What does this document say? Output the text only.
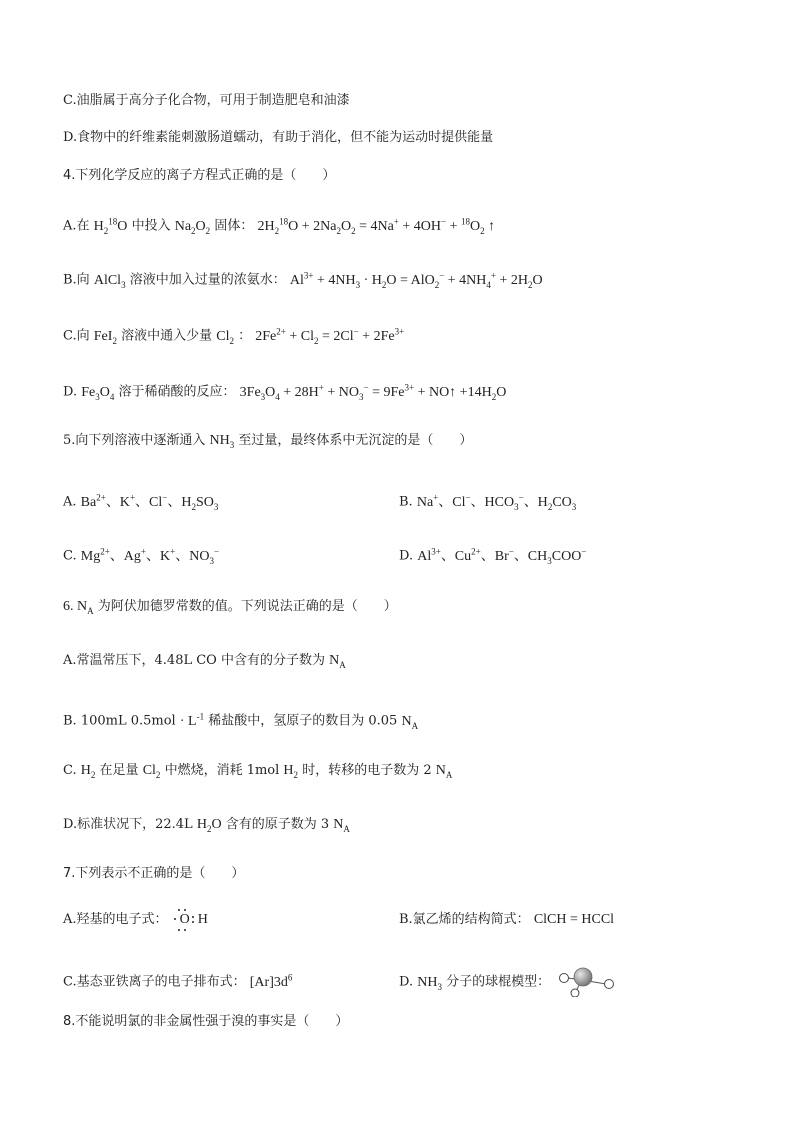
C.油脂属于高分子化合物，可用于制造肥皂和油漆
D.食物中的纤维素能刺激肠道蠕动，有助于消化，但不能为运动时提供能量
4.下列化学反应的离子方程式正确的是（　　）
A.在 $H_2^{18}O$ 中投入 $Na_2O_2$ 固体： $2H_2^{18}O + 2Na_2O_2 = 4Na^+ + 4OH^- + ^{18}O_2$ ↑
B.向 AlCl$_3$ 溶液中加入过量的浓氨水： $Al^{3+} + 4NH_3 \cdot H_2O = AlO_2^- + 4NH_4^+ + 2H_2O$
C.向 FeI$_2$ 溶液中通入少量 $Cl_2$ ： $2Fe^{2+} + Cl_2 = 2Cl^- + 2Fe^{3+}$
D. $Fe_3O_4$ 溶于稀硝酸的反应： $3Fe_3O_4 + 28H^+ + NO_3^- = 9Fe^{3+}$ + NO↑ $+14H_2O$
5.向下列溶液中逐渐通入 $NH_3$ 至过量，最终体系中无沉淀的是（　　）
A. $Ba^{2+}$、K+、Cl−、$H_2SO_3$	B. Na+、Cl−、$HCO_3^-$、$H_2CO_3$
C. $Mg^{2+}$、Ag+、K+、$NO_3^-$	D. $Al^{3+}$、$Cu^{2+}$、Br−、$CH_3COO^-$
6. $N_A$ 为阿伏加德罗常数的值。下列说法正确的是（　　）
A.常温常压下，4.48L CO 中含有的分子数为 $N_A$
B. 100mL $0.5mol \cdot L^{-1}$ 稀盐酸中，氢原子的数目为 0.05 $N_A$
C. $H_2$ 在足量 $Cl_2$ 中燃烧，消耗 1mol $H_2$ 时，转移的电子数为 2 $N_A$
D.标准状况下，22.4L $H_2O$ 含有的原子数为 3 $N_A$
7.下列表示不正确的是（　　）
A.羟基的电子式： O
H	B.氯乙烯的结构简式： ClCH = HCCl
C.基态亚铁离子的电子排布式： $[Ar]3d^6$	D. $NH_3$ 分子的球棍模型：
8.不能说明氯的非金属性强于溴的事实是（　　）
